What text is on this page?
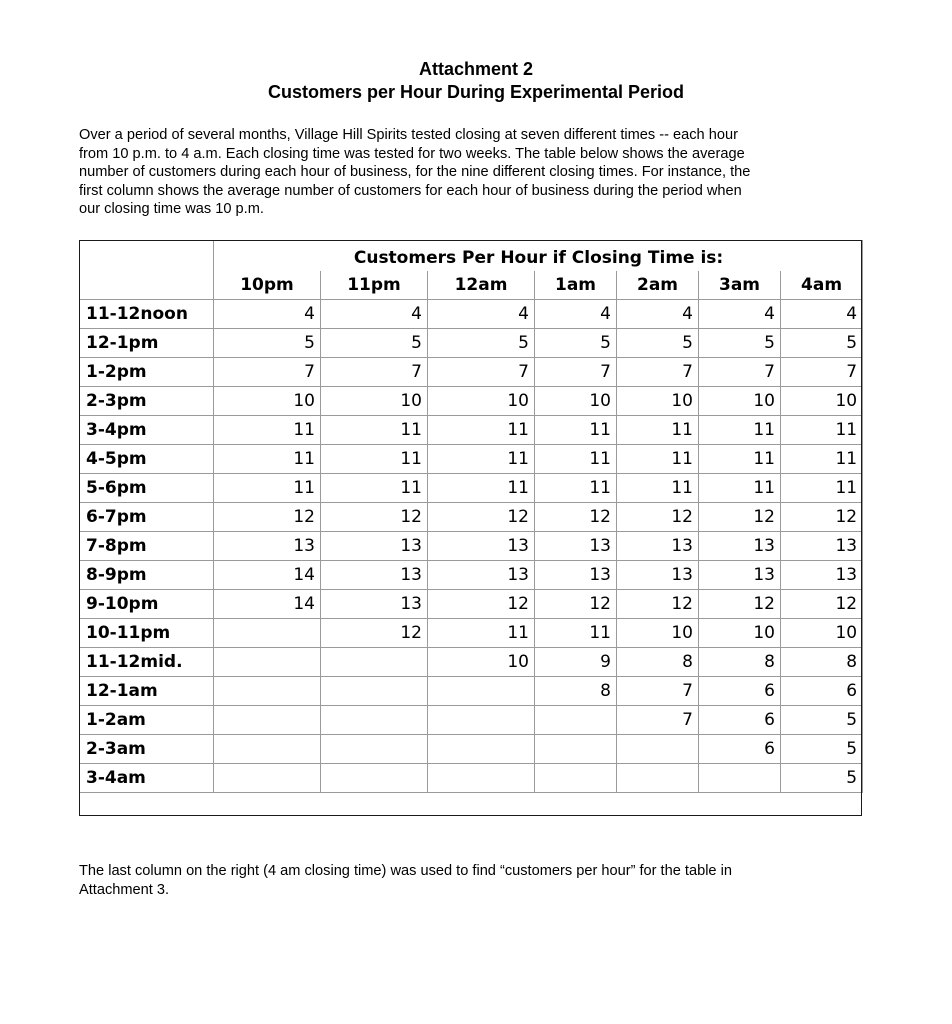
Attachment 2
Customers per Hour During Experimental Period
Over a period of several months, Village Hill Spirits tested closing at seven different times -- each hour
from 10 p.m. to 4 a.m. Each closing time was tested for two weeks. The table below shows the average
number of customers during each hour of business, for the nine different closing times. For instance, the
first column shows the average number of customers for each hour of business during the period when
our closing time was 10 p.m.
	Customers Per Hour if Closing Time is:						
	10pm	11pm	12am	1am	2am	3am	4am
11-12noon	4	4	4	4	4	4	4
12-1pm	5	5	5	5	5	5	5
1-2pm	7	7	7	7	7	7	7
2-3pm	10	10	10	10	10	10	10
3-4pm	11	11	11	11	11	11	11
4-5pm	11	11	11	11	11	11	11
5-6pm	11	11	11	11	11	11	11
6-7pm	12	12	12	12	12	12	12
7-8pm	13	13	13	13	13	13	13
8-9pm	14	13	13	13	13	13	13
9-10pm	14	13	12	12	12	12	12
10-11pm		12	11	11	10	10	10
11-12mid.			10	9	8	8	8
12-1am				8	7	6	6
1-2am					7	6	5
2-3am						6	5
3-4am							5
The last column on the right (4 am closing time) was used to find “customers per hour” for the table in
Attachment 3.
